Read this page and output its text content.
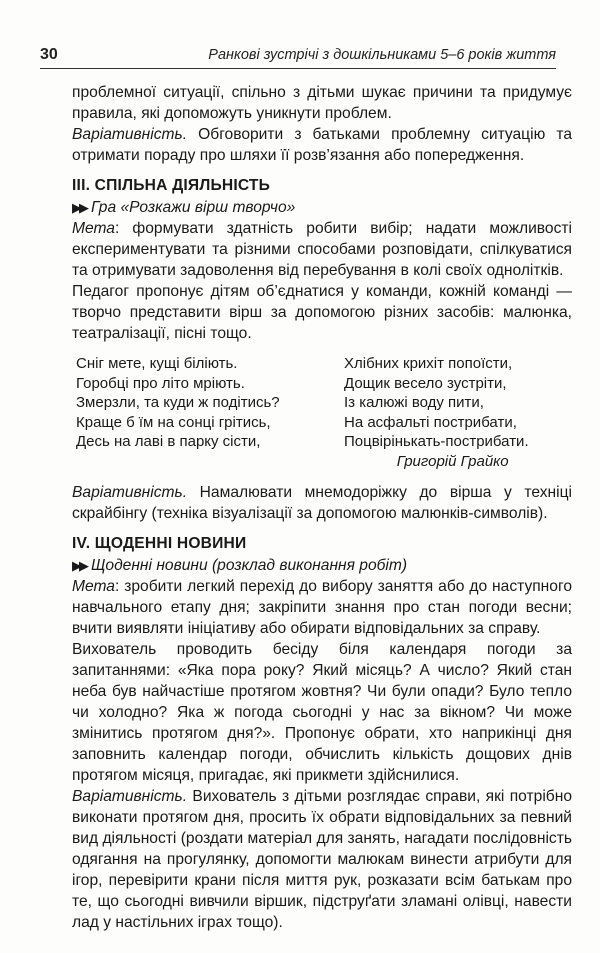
30	Ранкові зустрічі з дошкільниками 5–6 років життя

проблемної ситуації, спільно з дітьми шукає причини та придумує правила, які допоможуть уникнути проблем.

Варіативність. Обговорити з батьками проблемну ситуацію та отримати пораду про шляхи її розв’язання або попередження.

III. СПІЛЬНА ДІЯЛЬНІСТЬ

▶▶ Гра «Розкажи вірш творчо»

Мета: формувати здатність робити вибір; надати можливості експериментувати та різними способами розповідати, спілкуватися та отримувати задоволення від перебування в колі своїх однолітків.

Педагог пропонує дітям об’єднатися у команди, кожній команді — творчо представити вірш за допомогою різних засобів: малюнка, театралізації, пісні тощо.

Сніг мете, кущі біліють.
Горобці про літо мріють.
Змерзли, та куди ж подітись?
Краще б їм на сонці грітись,
Десь на лаві в парку сісти,
Хлібних крихіт попоїсти,
Дощик весело зустріти,
Із калюжі воду пити,
На асфальті пострибати,
Поцвірінькать-пострибати.
Григорій Грайко

Варіативність. Намалювати мнемодоріжку до вірша у техніці скрайбінгу (техніка візуалізації за допомогою малюнків-символів).

IV. ЩОДЕННІ НОВИНИ

▶▶ Щоденні новини (розклад виконання робіт)

Мета: зробити легкий перехід до вибору заняття або до наступного навчального етапу дня; закріпити знання про стан погоди весни; вчити виявляти ініціативу або обирати відповідальних за справу.

Вихователь проводить бесіду біля календаря погоди за запитаннями: «Яка пора року? Який місяць? А число? Який стан неба був найчастіше протягом жовтня? Чи були опади? Було тепло чи холодно? Яка ж погода сьогодні у нас за вікном? Чи може змінитись протягом дня?». Пропонує обрати, хто наприкінці дня заповнить календар погоди, обчислить кількість дощових днів протягом місяця, пригадає, які прикмети здійснилися.

Варіативність. Вихователь з дітьми розглядає справи, які потрібно виконати протягом дня, просить їх обрати відповідальних за певний вид діяльності (роздати матеріал для занять, нагадати послідовність одягання на прогулянку, допомогти малюкам винести атрибути для ігор, перевірити крани після миття рук, розказати всім батькам про те, що сьогодні вивчили віршик, підструґати зламані олівці, навести лад у настільних іграх тощо).
